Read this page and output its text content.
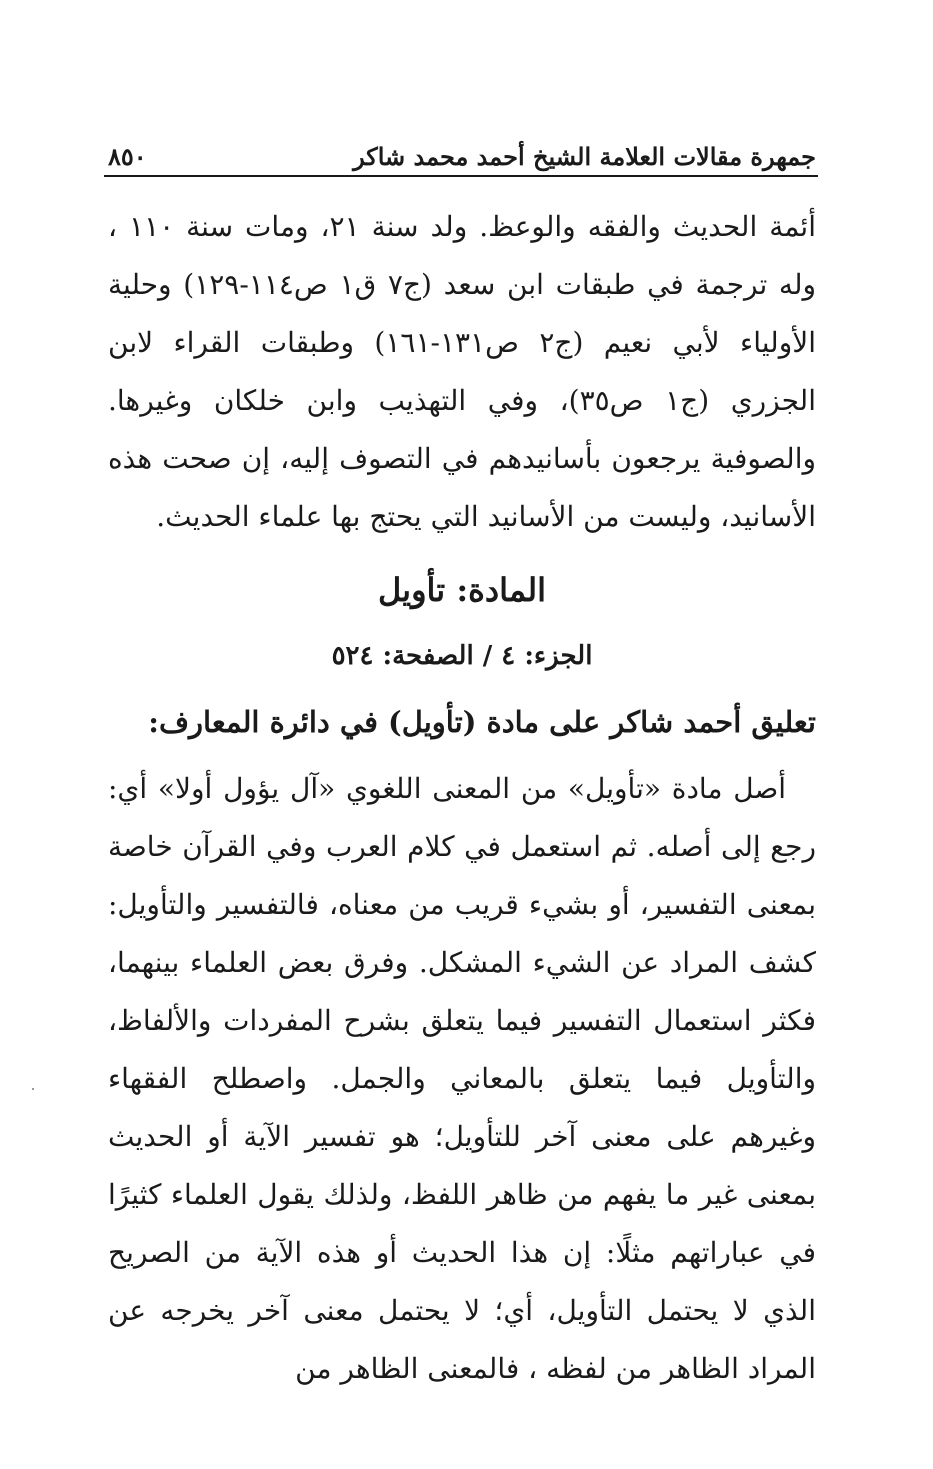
جمهرة مقالات العلامة الشيخ أحمد محمد شاكر
٨٥٠

أئمة الحديث والفقه والوعظ. ولد سنة ٢١، ومات سنة ١١٠ ، وله ترجمة في طبقات ابن سعد (ج٧ ق١ ص١١٤-١٢٩) وحلية الأولياء لأبي نعيم (ج٢ ص١٣١-١٦١) وطبقات القراء لابن الجزري (ج١ ص٣٥)، وفي التهذيب وابن خلكان وغيرها. والصوفية يرجعون بأسانيدهم في التصوف إليه، إن صحت هذه الأسانيد، وليست من الأسانيد التي يحتج بها علماء الحديث.

المادة: تأويل
الجزء: ٤ / الصفحة: ٥٢٤
تعليق أحمد شاكر على مادة (تأويل) في دائرة المعارف:

أصل مادة «تأويل» من المعنى اللغوي «آل يؤول أولا» أي: رجع إلى أصله. ثم استعمل في كلام العرب وفي القرآن خاصة بمعنى التفسير، أو بشيء قريب من معناه، فالتفسير والتأويل: كشف المراد عن الشيء المشكل. وفرق بعض العلماء بينهما، فكثر استعمال التفسير فيما يتعلق بشرح المفردات والألفاظ، والتأويل فيما يتعلق بالمعاني والجمل. واصطلح الفقهاء وغيرهم على معنى آخر للتأويل؛ هو تفسير الآية أو الحديث بمعنى غير ما يفهم من ظاهر اللفظ، ولذلك يقول العلماء كثيرًا في عباراتهم مثلًا: إن هذا الحديث أو هذه الآية من الصريح الذي لا يحتمل التأويل، أي؛ لا يحتمل معنى آخر يخرجه عن المراد الظاهر من لفظه ، فالمعنى الظاهر من
